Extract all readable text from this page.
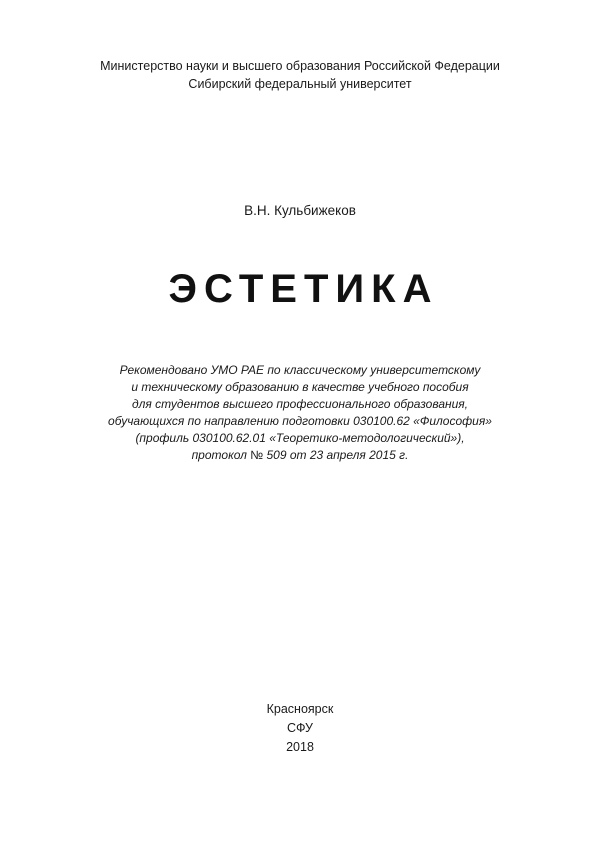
Министерство науки и высшего образования Российской Федерации
Сибирский федеральный университет
В.Н. Кульбижеков
ЭСТЕТИКА
Рекомендовано УМО РАЕ по классическому университетскому
и техническому образованию в качестве учебного пособия
для студентов высшего профессионального образования,
обучающихся по направлению подготовки 030100.62 «Философия»
(профиль 030100.62.01 «Теоретико-методологический»),
протокол № 509 от 23 апреля 2015 г.
Красноярск
СФУ
2018
